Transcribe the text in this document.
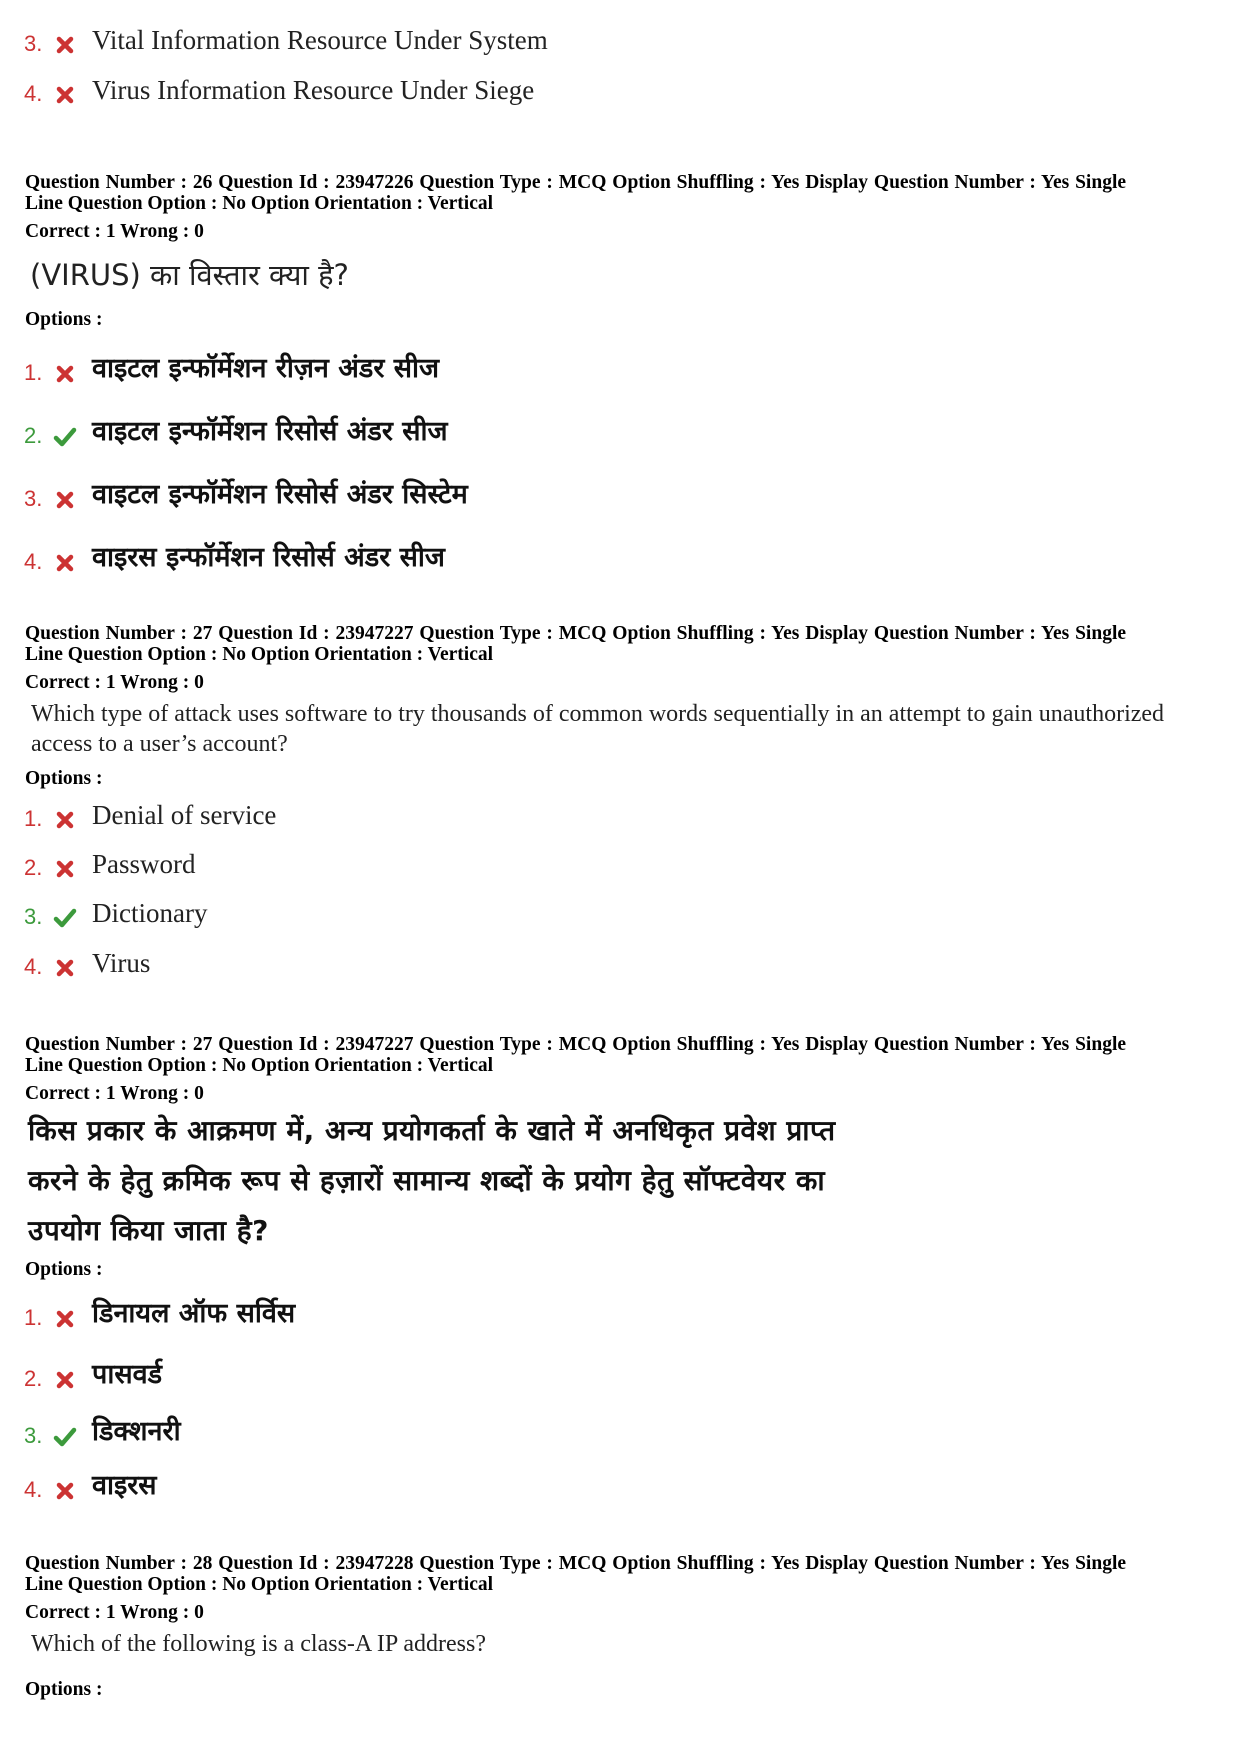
3. Vital Information Resource Under System
4. Virus Information Resource Under Siege
Question Number : 26 Question Id : 23947226 Question Type : MCQ Option Shuffling : Yes Display Question Number : Yes Single
Line Question Option : No Option Orientation : Vertical
Correct : 1 Wrong : 0
(VIRUS) का विस्तार क्या है?
Options :
1. वाइटल इन्फॉर्मेशन रीज़न अंडर सीज
2. वाइटल इन्फॉर्मेशन रिसोर्स अंडर सीज
3. वाइटल इन्फॉर्मेशन रिसोर्स अंडर सिस्टेम
4. वाइरस इन्फॉर्मेशन रिसोर्स अंडर सीज
Question Number : 27 Question Id : 23947227 Question Type : MCQ Option Shuffling : Yes Display Question Number : Yes Single
Line Question Option : No Option Orientation : Vertical
Correct : 1 Wrong : 0
Which type of attack uses software to try thousands of common words sequentially in an attempt to gain unauthorized
access to a user’s account?
Options :
1. Denial of service
2. Password
3. Dictionary
4. Virus
Question Number : 27 Question Id : 23947227 Question Type : MCQ Option Shuffling : Yes Display Question Number : Yes Single
Line Question Option : No Option Orientation : Vertical
Correct : 1 Wrong : 0
किस प्रकार के आक्रमण में, अन्य प्रयोगकर्ता के खाते में अनधिकृत प्रवेश प्राप्त
करने के हेतु क्रमिक रूप से हज़ारों सामान्य शब्दों के प्रयोग हेतु सॉफ्टवेयर का
उपयोग किया जाता है?
Options :
1. डिनायल ऑफ सर्विस
2. पासवर्ड
3. डिक्शनरी
4. वाइरस
Question Number : 28 Question Id : 23947228 Question Type : MCQ Option Shuffling : Yes Display Question Number : Yes Single
Line Question Option : No Option Orientation : Vertical
Correct : 1 Wrong : 0
Which of the following is a class-A IP address?
Options :
